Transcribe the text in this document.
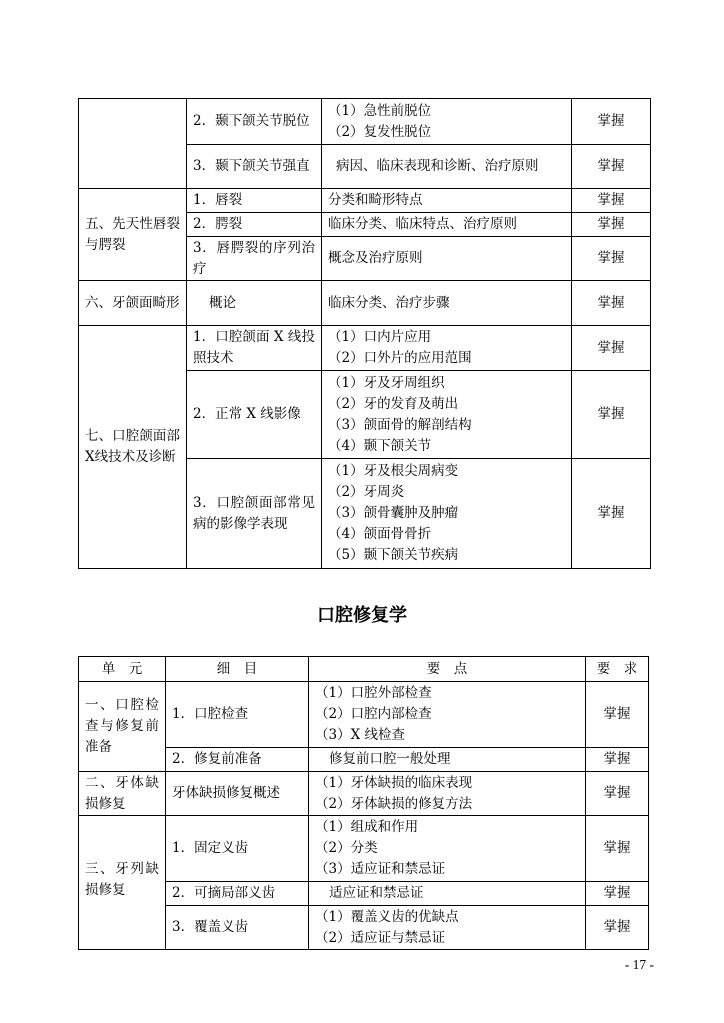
	2．颞下颌关节脱位	（1）急性前脱位
（2）复发性脱位	掌握
	3．颞下颌关节强直	病因、临床表现和诊断、治疗原则	掌握
五、先天性唇裂与腭裂	1．唇裂	分类和畸形特点	掌握
	2．腭裂	临床分类、临床特点、治疗原则	掌握
	3．唇腭裂的序列治疗	概念及治疗原则	掌握
六、牙颌面畸形	概论	临床分类、治疗步骤	掌握
七、口腔颌面部X线技术及诊断	1．口腔颌面 X 线投照技术	（1）口内片应用
（2）口外片的应用范围	掌握
	2．正常 X 线影像	（1）牙及牙周组织
（2）牙的发育及萌出
（3）颌面骨的解剖结构
（4）颞下颌关节	掌握
	3．口腔颌面部常见病的影像学表现	（1）牙及根尖周病变
（2）牙周炎
（3）颌骨囊肿及肿瘤
（4）颌面骨骨折
（5）颞下颌关节疾病	掌握
口腔修复学
单　元	细　目	要　点	要　求
一、口腔检查与修复前准备	1．口腔检查	（1）口腔外部检查
（2）口腔内部检查
（3）X 线检查	掌握
	2．修复前准备	修复前口腔一般处理	掌握
二、牙体缺损修复	牙体缺损修复概述	（1）牙体缺损的临床表现
（2）牙体缺损的修复方法	掌握
三、牙列缺损修复	1．固定义齿	（1）组成和作用
（2）分类
（3）适应证和禁忌证	掌握
	2．可摘局部义齿	适应证和禁忌证	掌握
	3．覆盖义齿	（1）覆盖义齿的优缺点
（2）适应证与禁忌证	掌握
- 17 -
